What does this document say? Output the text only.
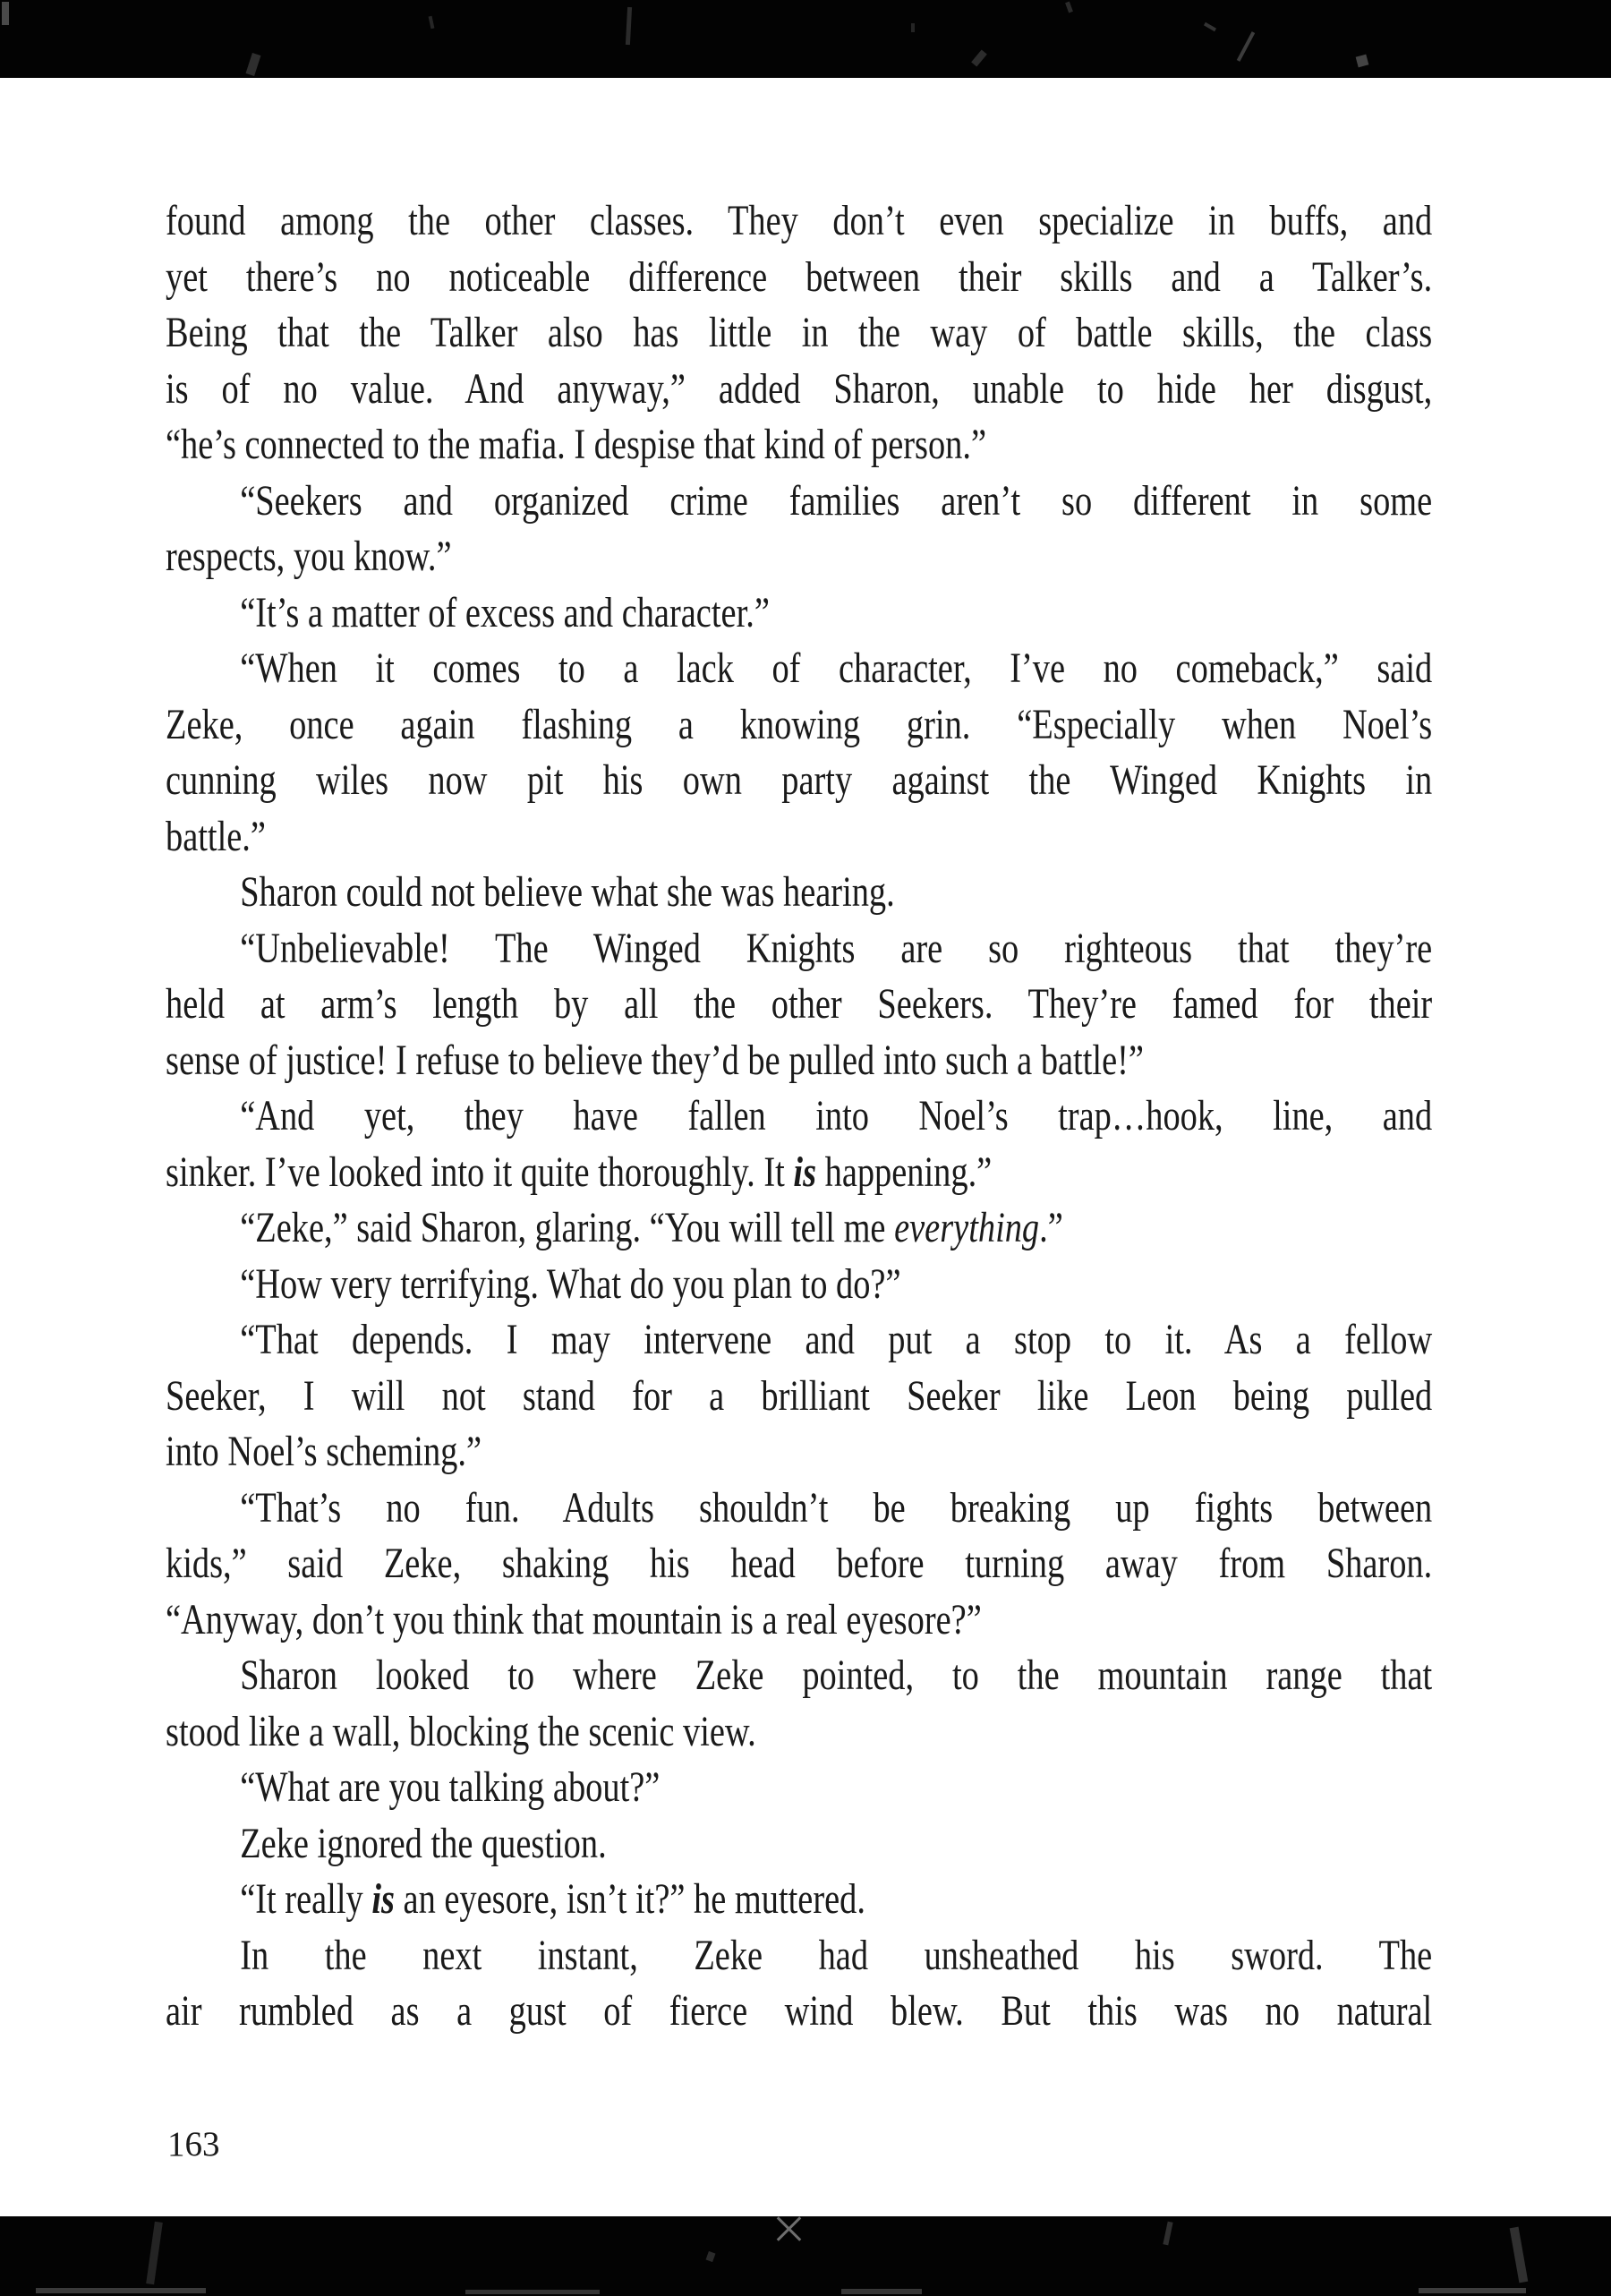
found among the other classes. They don’t even specialize in buffs, and
yet there’s no noticeable difference between their skills and a Talker’s.
Being that the Talker also has little in the way of battle skills, the class
is of no value. And anyway,” added Sharon, unable to hide her disgust,
“he’s connected to the mafia. I despise that kind of person.”
“Seekers and organized crime families aren’t so different in some
respects, you know.”
“It’s a matter of excess and character.”
“When it comes to a lack of character, I’ve no comeback,” said
Zeke, once again flashing a knowing grin. “Especially when Noel’s
cunning wiles now pit his own party against the Winged Knights in
battle.”
Sharon could not believe what she was hearing.
“Unbelievable! The Winged Knights are so righteous that they’re
held at arm’s length by all the other Seekers. They’re famed for their
sense of justice! I refuse to believe they’d be pulled into such a battle!”
“And yet, they have fallen into Noel’s trap…hook, line, and
sinker. I’ve looked into it quite thoroughly. It is happening.”
“Zeke,” said Sharon, glaring. “You will tell me everything.”
“How very terrifying. What do you plan to do?”
“That depends. I may intervene and put a stop to it. As a fellow
Seeker, I will not stand for a brilliant Seeker like Leon being pulled
into Noel’s scheming.”
“That’s no fun. Adults shouldn’t be breaking up fights between
kids,” said Zeke, shaking his head before turning away from Sharon.
“Anyway, don’t you think that mountain is a real eyesore?”
Sharon looked to where Zeke pointed, to the mountain range that
stood like a wall, blocking the scenic view.
“What are you talking about?”
Zeke ignored the question.
“It really is an eyesore, isn’t it?” he muttered.
In the next instant, Zeke had unsheathed his sword. The
air rumbled as a gust of fierce wind blew. But this was no natural
163
